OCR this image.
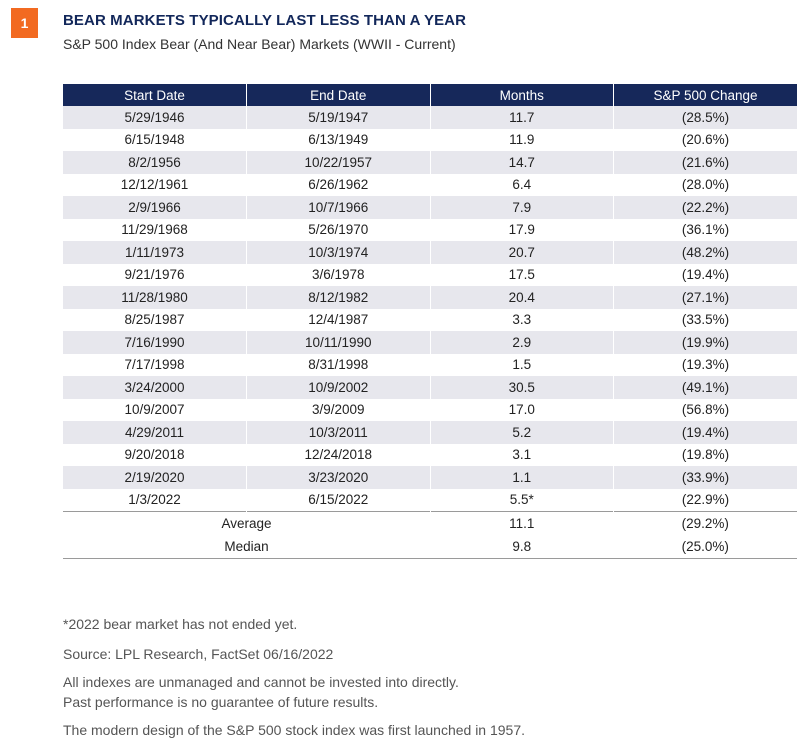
1	BEAR MARKETS TYPICALLY LAST LESS THAN A YEAR
S&P 500 Index Bear (And Near Bear) Markets (WWII - Current)
Start Date	End Date	Months	S&P 500 Change
5/29/1946	5/19/1947	11.7	(28.5%)
6/15/1948	6/13/1949	11.9	(20.6%)
8/2/1956	10/22/1957	14.7	(21.6%)
12/12/1961	6/26/1962	6.4	(28.0%)
2/9/1966	10/7/1966	7.9	(22.2%)
11/29/1968	5/26/1970	17.9	(36.1%)
1/11/1973	10/3/1974	20.7	(48.2%)
9/21/1976	3/6/1978	17.5	(19.4%)
11/28/1980	8/12/1982	20.4	(27.1%)
8/25/1987	12/4/1987	3.3	(33.5%)
7/16/1990	10/11/1990	2.9	(19.9%)
7/17/1998	8/31/1998	1.5	(19.3%)
3/24/2000	10/9/2002	30.5	(49.1%)
10/9/2007	3/9/2009	17.0	(56.8%)
4/29/2011	10/3/2011	5.2	(19.4%)
9/20/2018	12/24/2018	3.1	(19.8%)
2/19/2020	3/23/2020	1.1	(33.9%)
1/3/2022	6/15/2022	5.5*	(22.9%)
Average		11.1	(29.2%)
Median		9.8	(25.0%)

*2022 bear market has not ended yet.

Source: LPL Research, FactSet 06/16/2022

All indexes are unmanaged and cannot be invested into directly.

Past performance is no guarantee of future results.

The modern design of the S&P 500 stock index was first launched in 1957.
